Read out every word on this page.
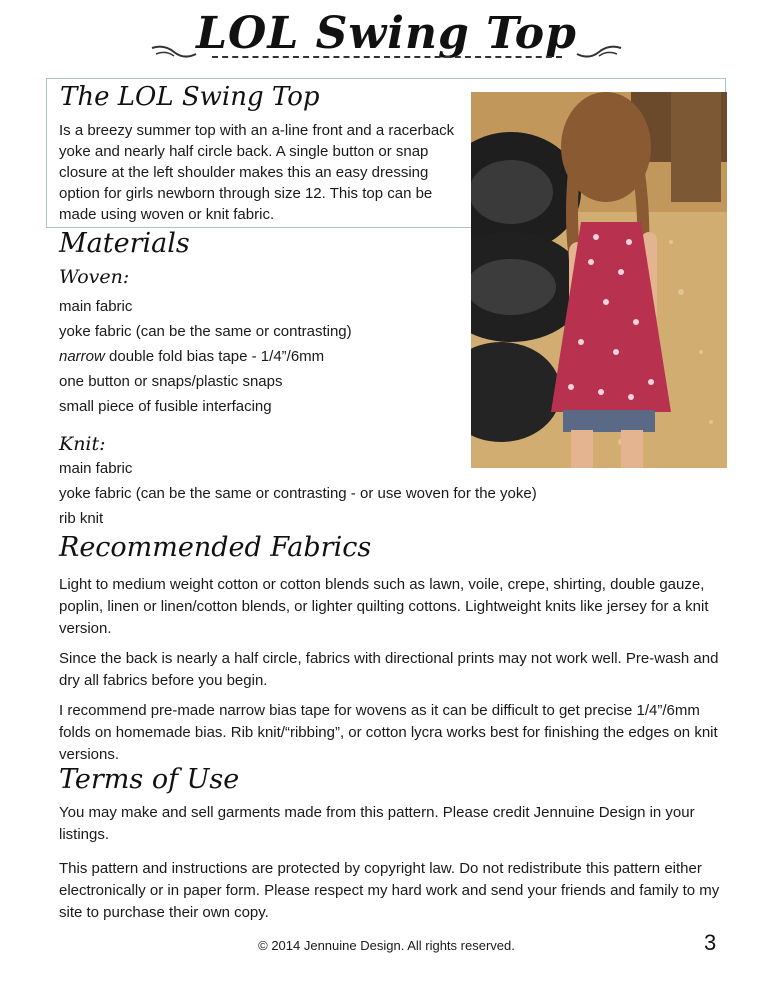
LOL Swing Top
The LOL Swing Top
Is a breezy summer top with an a-line front and a racerback yoke and nearly half circle back. A single button or snap closure at the left shoulder makes this an easy dressing option for girls newborn through size 12. This top can be made using woven or knit fabric.
Materials
Woven:
main fabric
yoke fabric (can be the same or contrasting)
narrow double fold bias tape - 1/4”/6mm
one button or snaps/plastic snaps
small piece of fusible interfacing
Knit:
main fabric
yoke fabric (can be the same or contrasting - or use woven for the yoke)
rib knit
Recommended Fabrics
Light to medium weight cotton or cotton blends such as lawn, voile, crepe, shirting, double gauze, poplin, linen or linen/cotton blends, or lighter quilting cottons. Lightweight knits like jersey for a knit version.
Since the back is nearly a half circle, fabrics with directional prints may not work well. Pre-wash and dry all fabrics before you begin.
I recommend pre-made narrow bias tape for wovens as it can be difficult to get precise 1/4”/6mm folds on homemade bias. Rib knit/“ribbing”, or cotton lycra works best for finishing the edges on knit versions.
Terms of Use
You may make and sell garments made from this pattern. Please credit Jennuine Design in your listings.
This pattern and instructions are protected by copyright law. Do not redistribute this pattern either electronically or in paper form. Please respect my hard work and send your friends and family to my site to purchase their own copy.
© 2014 Jennuine Design. All rights reserved.	3
